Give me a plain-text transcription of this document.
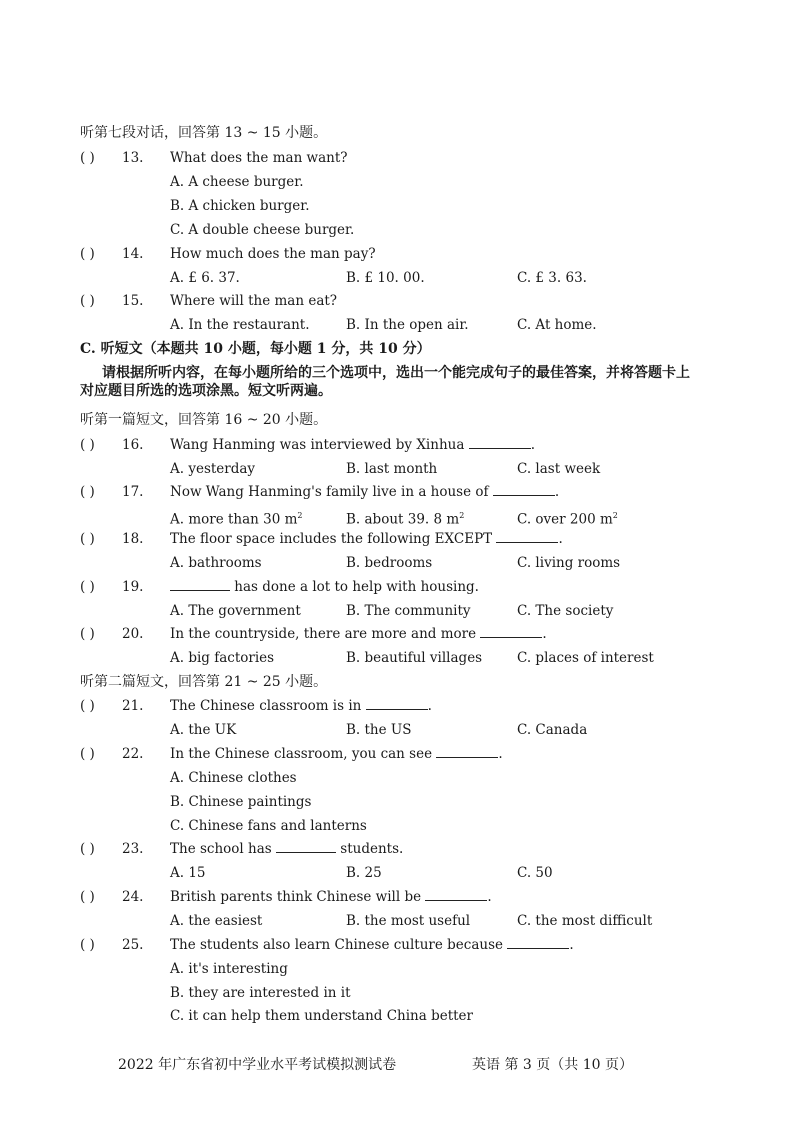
听第七段对话，回答第 13 ~ 15 小题。
( ) 13. What does the man want?
A. A cheese burger.
B. A chicken burger.
C. A double cheese burger.
( ) 14. How much does the man pay?
A. £ 6. 37.	B. £ 10. 00.	C. £ 3. 63.
( ) 15. Where will the man eat?
A. In the restaurant.	B. In the open air.	C. At home.
C. 听短文（本题共 10 小题，每小题 1 分，共 10 分）
请根据所听内容，在每小题所给的三个选项中，选出一个能完成句子的最佳答案，并将答题卡上对应题目所选的选项涂黑。短文听两遍。
听第一篇短文，回答第 16 ~ 20 小题。
( ) 16. Wang Hanming was interviewed by Xinhua	.
A. yesterday	B. last month	C. last week
( ) 17. Now Wang Hanming's family live in a house of	.
A. more than 30 $m^2$	B. about 39. 8 $m^2$	C. over 200 $m^2$
( ) 18. The floor space includes the following EXCEPT	.
A. bathrooms	B. bedrooms	C. living rooms
( ) 19.	has done a lot to help with housing.
A. The government	B. The community	C. The society
( ) 20. In the countryside, there are more and more	.
A. big factories	B. beautiful villages	C. places of interest
听第二篇短文，回答第 21 ~ 25 小题。
( ) 21. The Chinese classroom is in	.
A. the UK	B. the US	C. Canada
( ) 22. In the Chinese classroom, you can see	.
A. Chinese clothes
B. Chinese paintings
C. Chinese fans and lanterns
( ) 23. The school has	students.
A. 15	B. 25	C. 50
( ) 24. British parents think Chinese will be	.
A. the easiest	B. the most useful	C. the most difficult
( ) 25. The students also learn Chinese culture because	.
A. it's interesting
B. they are interested in it
C. it can help them understand China better
2022 年广东省初中学业水平考试模拟测试卷	英语 第 3 页（共 10 页）
